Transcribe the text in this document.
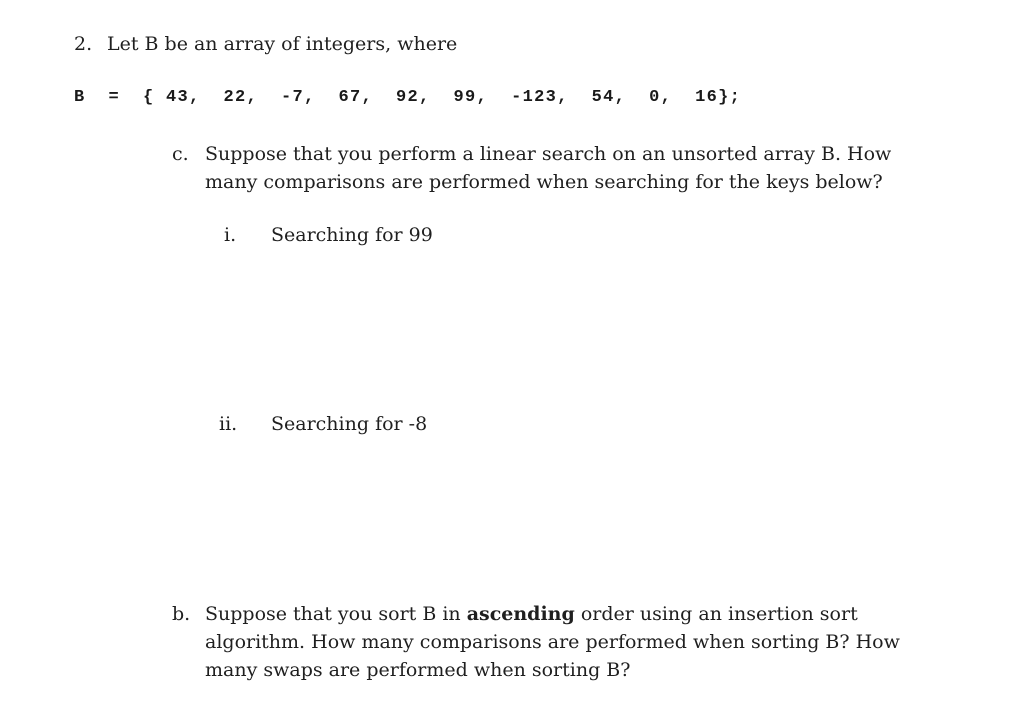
2. Let B be an array of integers, where
B  =  { 43,  22,  -7,  67,  92,  99,  -123,  54,  0,  16};
c. Suppose that you perform a linear search on an unsorted array B. How
many comparisons are performed when searching for the keys below?
i. Searching for 99
ii. Searching for -8
b. Suppose that you sort B in ascending order using an insertion sort
algorithm. How many comparisons are performed when sorting B? How
many swaps are performed when sorting B?
